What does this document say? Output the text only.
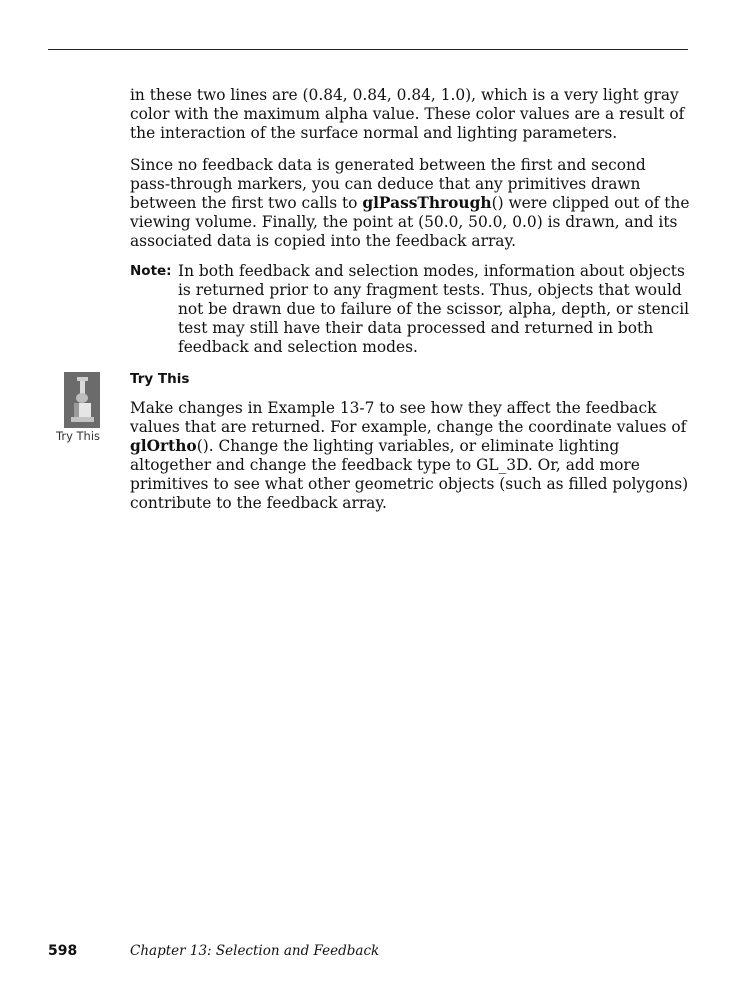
in these two lines are (0.84, 0.84, 0.84, 1.0), which is a very light gray color with the maximum alpha value. These color values are a result of the interaction of the surface normal and lighting parameters.

Since no feedback data is generated between the first and second pass-through markers, you can deduce that any primitives drawn between the first two calls to glPassThrough() were clipped out of the viewing volume. Finally, the point at (50.0, 50.0, 0.0) is drawn, and its associated data is copied into the feedback array.

Note: In both feedback and selection modes, information about objects is returned prior to any fragment tests. Thus, objects that would not be drawn due to failure of the scissor, alpha, depth, or stencil test may still have their data processed and returned in both feedback and selection modes.
Try This
Try This

Make changes in Example 13-7 to see how they affect the feedback values that are returned. For example, change the coordinate values of glOrtho(). Change the lighting variables, or eliminate lighting altogether and change the feedback type to GL_3D. Or, add more primitives to see what other geometric objects (such as filled polygons) contribute to the feedback array.

598	Chapter 13: Selection and Feedback
